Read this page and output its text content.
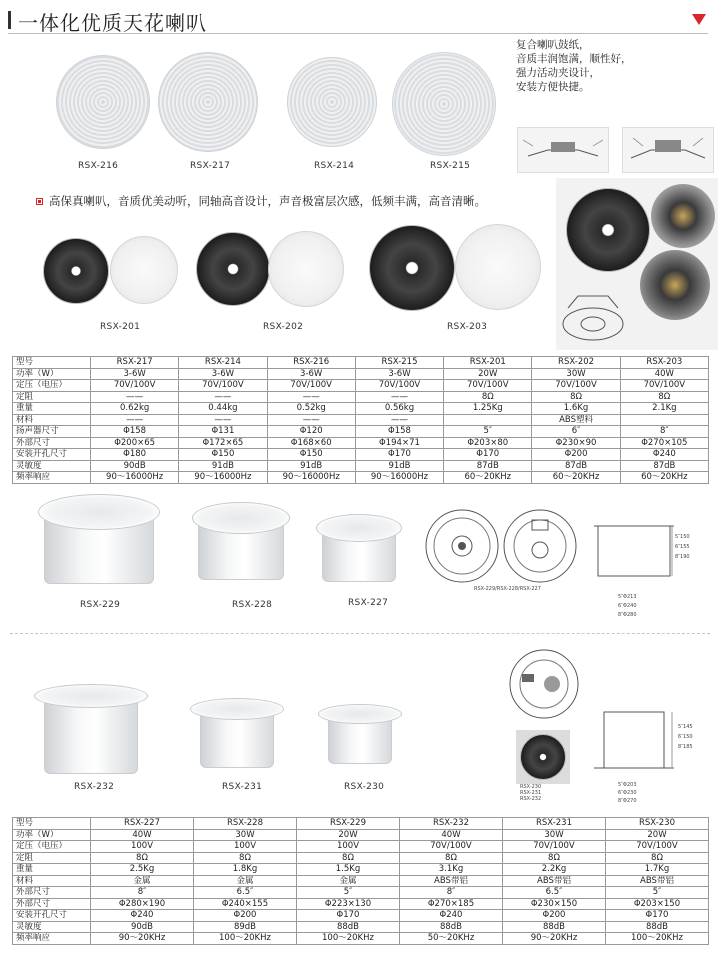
一体化优质天花喇叭
RSX-216	RSX-217	RSX-214	RSX-215
复合喇叭鼓纸，
音质丰润饱满，顺性好，
强力活动夹设计，
安装方便快捷。
高保真喇叭，音质优美动听，同轴高音设计，声音极富层次感，低频丰满，高音清晰。
RSX-201	RSX-202	RSX-203
型号	RSX-217	RSX-214	RSX-216	RSX-215	RSX-201	RSX-202	RSX-203
功率（W）	3-6W	3-6W	3-6W	3-6W	20W	30W	40W
定压（电压）	70V/100V	70V/100V	70V/100V	70V/100V	70V/100V	70V/100V	70V/100V
定阻	——	——	——	——	8Ω	8Ω	8Ω
重量	0.62kg	0.44kg	0.52kg	0.56kg	1.25Kg	1.6Kg	2.1Kg
材料	——	——	——	——		ABS塑料	
扬声器尺寸	Φ158	Φ131	Φ120	Φ158	5″	6″	8″
外部尺寸	Φ200×65	Φ172×65	Φ168×60	Φ194×71	Φ203×80	Φ230×90	Φ270×105
安装开孔尺寸	Φ180	Φ150	Φ150	Φ170	Φ170	Φ200	Φ240
灵敏度	90dB	91dB	91dB	91dB	87dB	87dB	87dB
频率响应	90～16000Hz	90～16000Hz	90～16000Hz	90～16000Hz	60～20KHz	60～20KHz	60～20KHz
RSX-229	RSX-228	RSX-227
RSX-229/RSX-228/RSX-227
5″Φ213
6″Φ240
8″Φ280
5″150
6″155
8″190
RSX-232	RSX-231	RSX-230	RSX-230
RSX-231
RSX-232
5″Φ203
6″Φ230
8″Φ270
5″145
6″150
8″185
型号	RSX-227	RSX-228	RSX-229	RSX-232	RSX-231	RSX-230
功率（W）	40W	30W	20W	40W	30W	20W
定压（电压）	100V	100V	100V	70V/100V	70V/100V	70V/100V
定阻	8Ω	8Ω	8Ω	8Ω	8Ω	8Ω
重量	2.5Kg	1.8Kg	1.5Kg	3.1Kg	2.2Kg	1.7Kg
材料	金属	金属	金属	ABS带铝	ABS带铝	ABS带铝
外部尺寸	8″	6.5″	5″	8″	6.5″	5″
外部尺寸	Φ280×190	Φ240×155	Φ223×130	Φ270×185	Φ230×150	Φ203×150
安装开孔尺寸	Φ240	Φ200	Φ170	Φ240	Φ200	Φ170
灵敏度	90dB	89dB	88dB	88dB	88dB	88dB
频率响应	90～20KHz	100～20KHz	100～20KHz	50～20KHz	90～20KHz	100～20KHz
